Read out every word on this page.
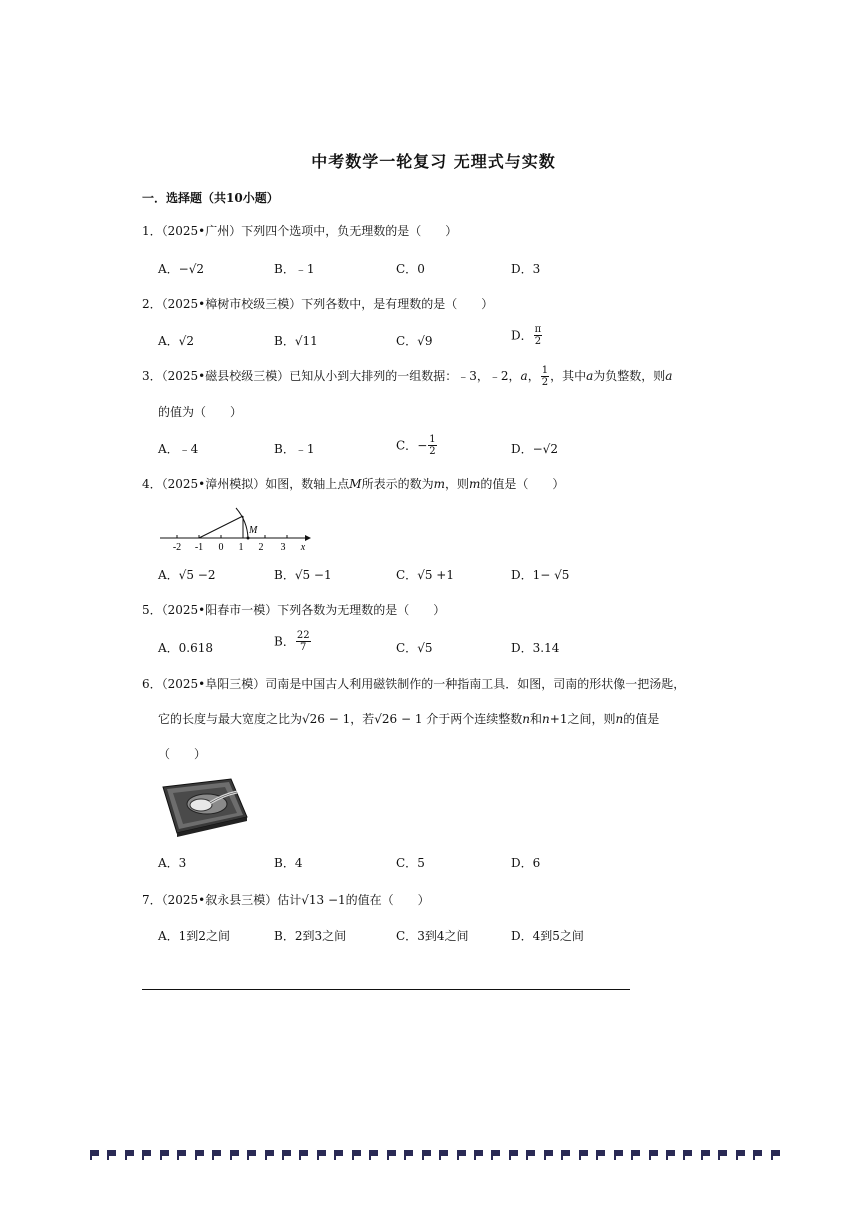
中考数学一轮复习 无理式与实数
一．选择题（共10小题）
1．（2025•广州）下列四个选项中，负无理数的是（　　）
A．−√2	B．﹣1	C．0	D．3
2．（2025•樟树市校级三模）下列各数中，是有理数的是（　　）
A．√2	B．√11	C．√9	D． $\frac{\pi}{2}$
3．（2025•磁县校级三模）已知从小到大排列的一组数据：﹣3，﹣2，a， $\frac{1}{2}$ ，其中a为负整数，则a
的值为（　　）
A．﹣4	B．﹣1	C．− $\frac{1}{2}$	D．−√2
4．（2025•漳州模拟）如图，数轴上点M所表示的数为m，则m的值是（　　）
M
-2 -1 0 1 2 3 x
A．√5 −2	B．√5 −1	C．√5 +1	D．1− √5
5．（2025•阳春市一模）下列各数为无理数的是（　　）
A．0.618	B． $\frac{22}{7}$	C．√5	D．3.14
6．（2025•阜阳三模）司南是中国古人利用磁铁制作的一种指南工具．如图，司南的形状像一把汤匙，
它的长度与最大宽度之比为√26 − 1，若√26 − 1 介于两个连续整数n和n+1之间，则n的值是
（　　）
A．3	B．4	C．5	D．6
7．（2025•叙永县三模）估计√13 −1的值在（　　）
A．1到2之间	B．2到3之间	C．3到4之间	D．4到5之间
